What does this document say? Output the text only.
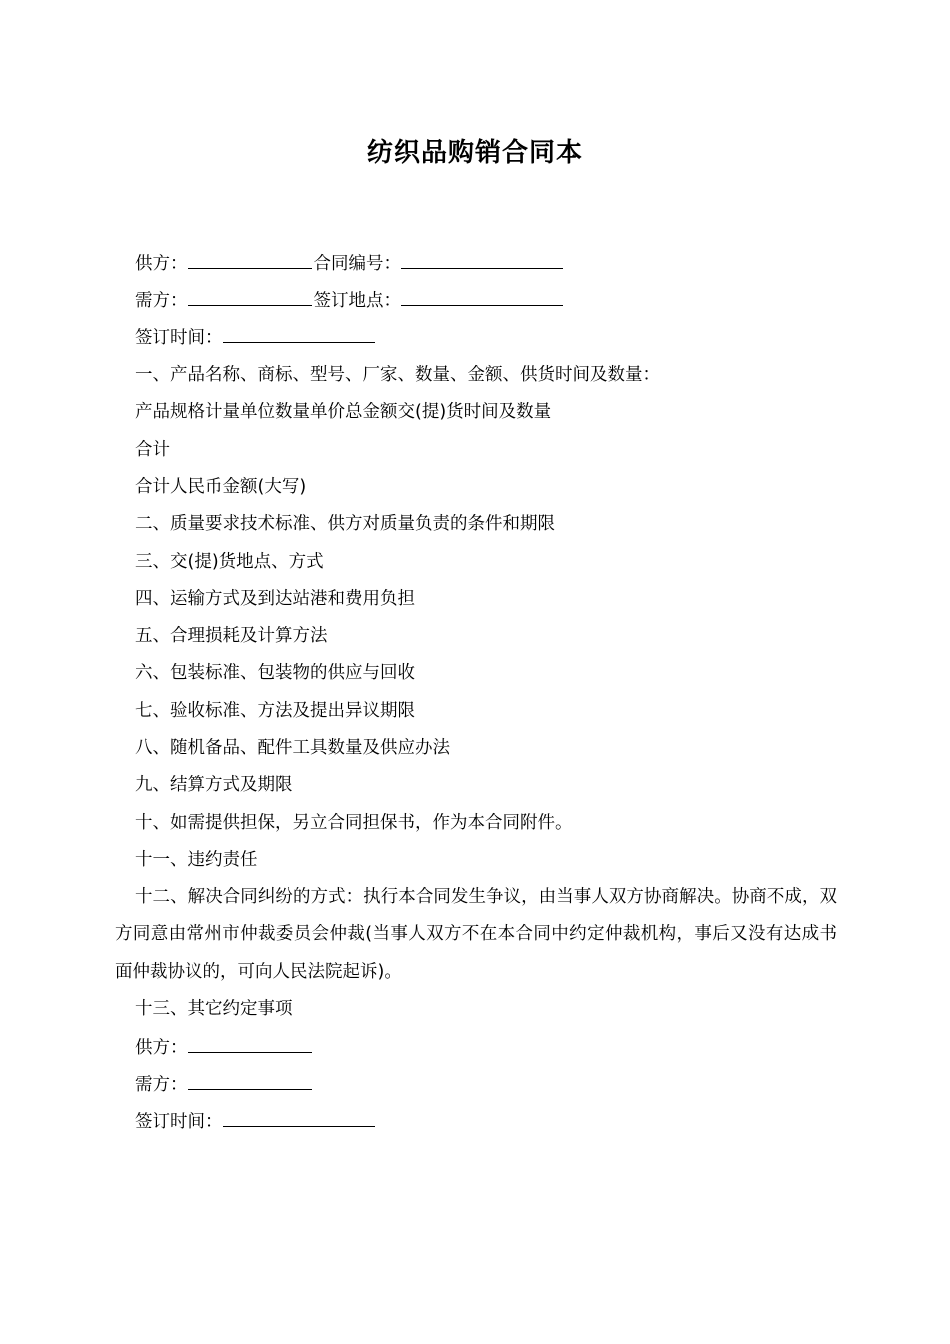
纺织品购销合同本
供方：	合同编号：
需方：	签订地点：
签订时间：
一、产品名称、商标、型号、厂家、数量、金额、供货时间及数量：
产品规格计量单位数量单价总金额交(提)货时间及数量
合计
合计人民币金额(大写)
二、质量要求技术标准、供方对质量负责的条件和期限
三、交(提)货地点、方式
四、运输方式及到达站港和费用负担
五、合理损耗及计算方法
六、包装标准、包装物的供应与回收
七、验收标准、方法及提出异议期限
八、随机备品、配件工具数量及供应办法
九、结算方式及期限
十、如需提供担保，另立合同担保书，作为本合同附件。
十一、违约责任
十二、解决合同纠纷的方式：执行本合同发生争议，由当事人双方协商解决。协商不成，双方同意由常州市仲裁委员会仲裁(当事人双方不在本合同中约定仲裁机构，事后又没有达成书面仲裁协议的，可向人民法院起诉)。
十三、其它约定事项
供方：
需方：
签订时间：
